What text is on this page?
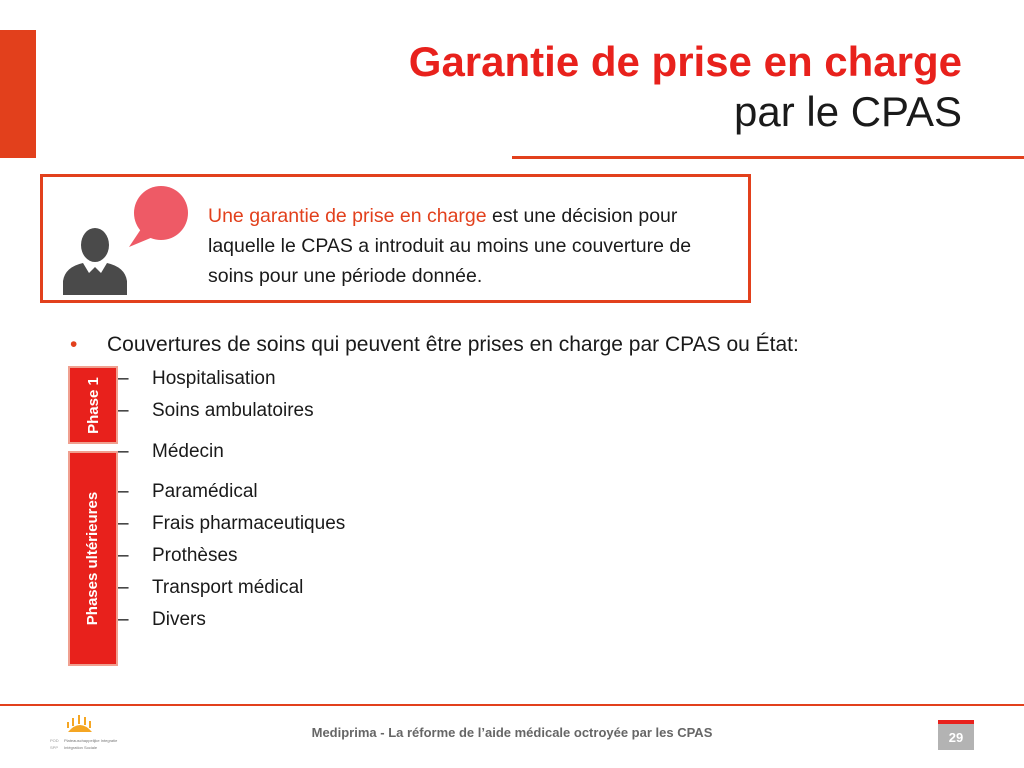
Garantie de prise en charge
par le CPAS
Une garantie de prise en charge est une décision pour laquelle le CPAS a introduit au moins une couverture de soins pour une période donnée.
• Couvertures de soins qui peuvent être prises en charge par CPAS ou État:
Phase 1
Phases ultérieures
– Hospitalisation
– Soins ambulatoires
– Médecin
– Paramédical
– Frais pharmaceutiques
– Prothèses
– Transport médical
– Divers
POD
SPP
Plateauschappelijke Integratie
Intégration Sociale
Mediprima - La réforme de l’aide médicale octroyée par les CPAS	29
